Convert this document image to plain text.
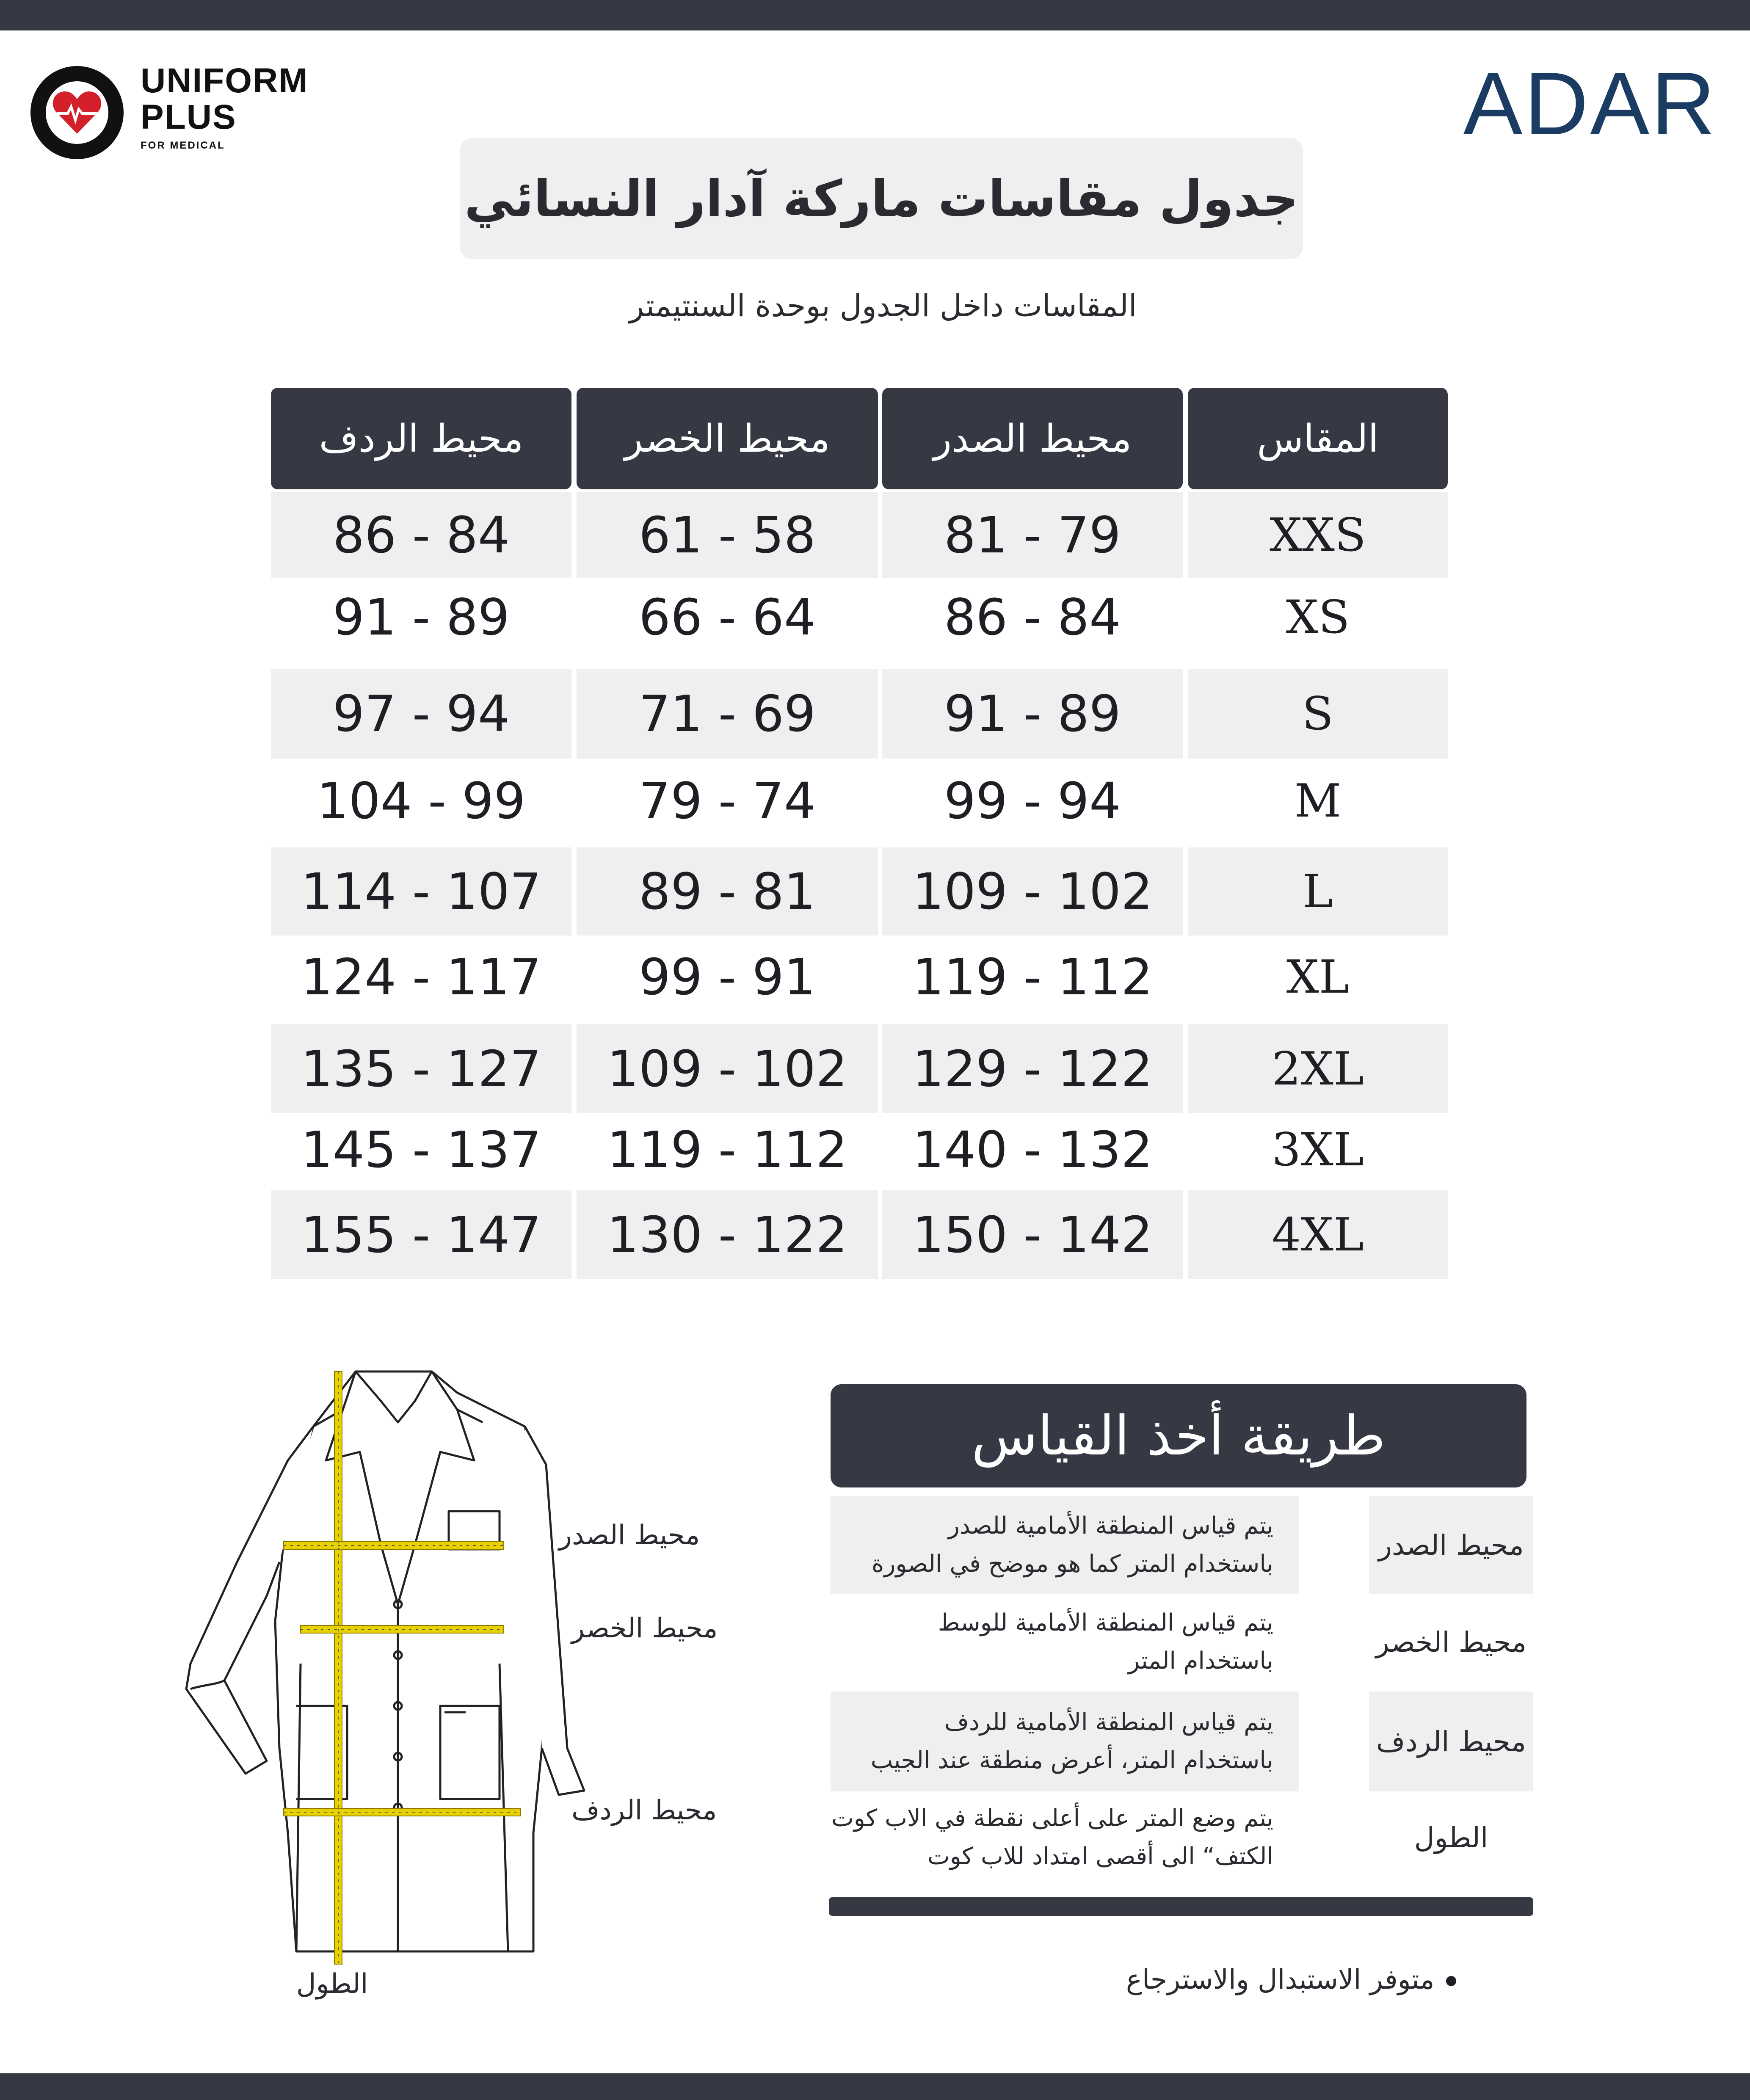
UNIFORM
PLUS
FOR MEDICAL	ADAR
جدول مقاسات ماركة آدار النسائي
المقاسات داخل الجدول بوحدة السنتيمتر
المقاس
محيط الصدر
محيط الخصر
محيط الردف
XXS
79 - 81
58 - 61
84 - 86
XS
84 - 86
64 - 66
89 - 91
S
89 - 91
69 - 71
94 - 97
M
94 - 99
74 - 79
99 - 104
L
102 - 109
81 - 89
107 - 114
XL
112 - 119
91 - 99
117 - 124
2XL
122 - 129
102 - 109
127 - 135
3XL
132 - 140
112 - 119
137 - 145
4XL
142 - 150
122 - 130
147 - 155
محيط الصدر
محيط الخصر
محيط الردف
الطول
طريقة أخذ القياس
محيط الصدر
يتم قياس المنطقة الأمامية للصدر
باستخدام المتر كما هو موضح في الصورة
محيط الخصر
يتم قياس المنطقة الأمامية للوسط
باستخدام المتر
محيط الردف
يتم قياس المنطقة الأمامية للردف
باستخدام المتر، أعرض منطقة عند الجيب
الطول
يتم وضع المتر على أعلى نقطة في الاب كوت
الكتف“ الى أقصى امتداد للاب كوت
متوفر الاستبدال والاسترجاع
